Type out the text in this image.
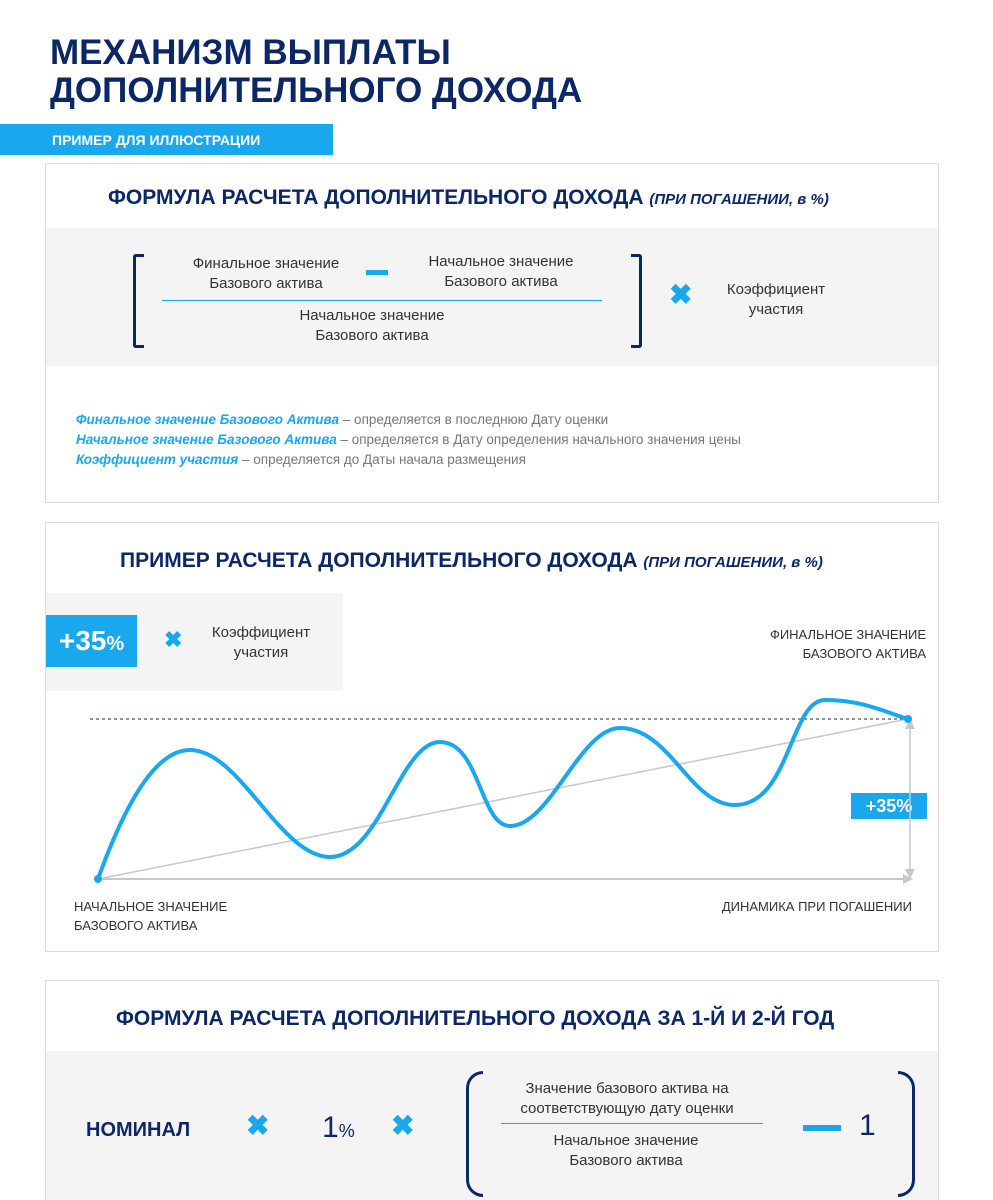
МЕХАНИЗМ ВЫПЛАТЫ
ДОПОЛНИТЕЛЬНОГО ДОХОДА
ПРИМЕР ДЛЯ ИЛЛЮСТРАЦИИ
ФОРМУЛА РАСЧЕТА ДОПОЛНИТЕЛЬНОГО ДОХОДА (ПРИ ПОГАШЕНИИ, в %)
Финальное значение Базового актива
Начальное значение Базового актива
Начальное значение Базового актива
✖	Коэффициент участия
Финальное значение Базового Актива – определяется в последнюю Дату оценки
Начальное значение Базового Актива – определяется в Дату определения начального значения цены
Коэффициент участия – определяется до Даты начала размещения
ПРИМЕР РАСЧЕТА ДОПОЛНИТЕЛЬНОГО ДОХОДА (ПРИ ПОГАШЕНИИ, в %)
+35%	✖	Коэффициент участия
ФИНАЛЬНОЕ ЗНАЧЕНИЕ БАЗОВОГО АКТИВА
НАЧАЛЬНОЕ ЗНАЧЕНИЕ БАЗОВОГО АКТИВА
ДИНАМИКА ПРИ ПОГАШЕНИИ
+35%
ФОРМУЛА РАСЧЕТА ДОПОЛНИТЕЛЬНОГО ДОХОДА ЗА 1-Й И 2-Й ГОД
НОМИНАЛ ✖ 1% ✖
Значение базового актива на соответствующую дату оценки
Начальное значение Базового актива
1
